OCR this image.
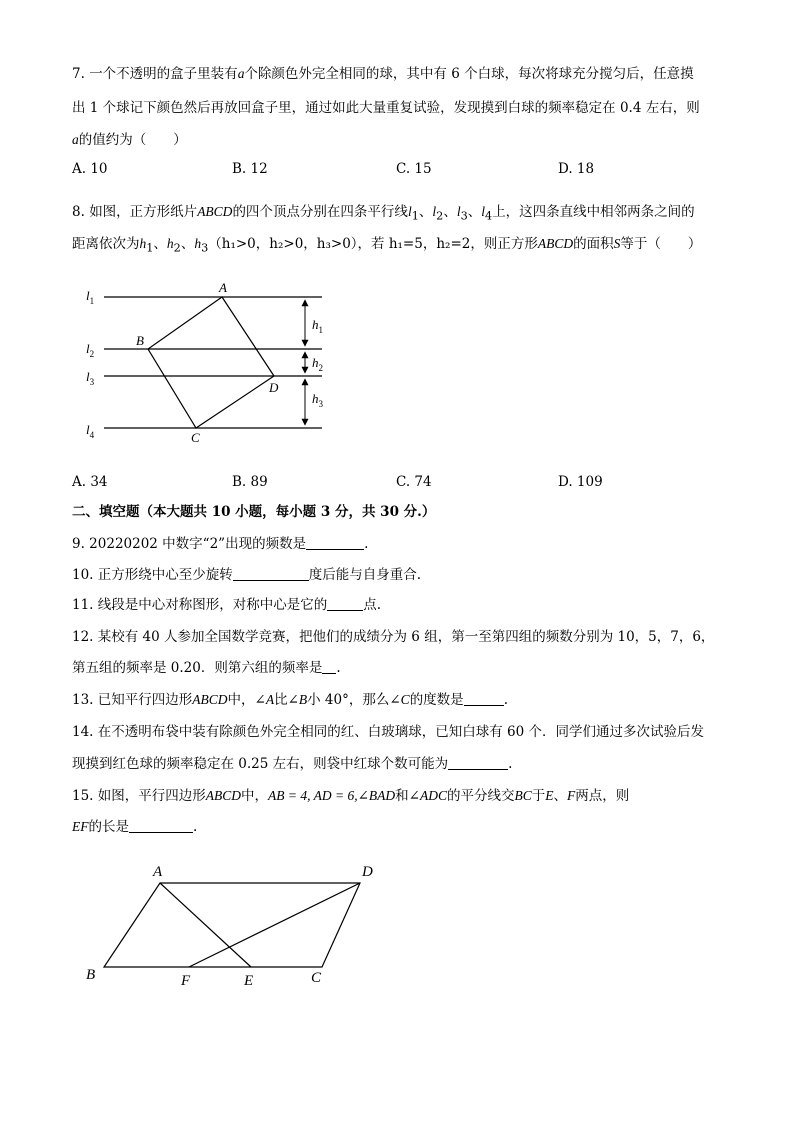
7. 一个不透明的盒子里装有a个除颜色外完全相同的球，其中有 6 个白球，每次将球充分搅匀后，任意摸
出 1 个球记下颜色然后再放回盒子里，通过如此大量重复试验，发现摸到白球的频率稳定在 0.4 左右，则
a的值约为（　　）
A. 10	B. 12	C. 15	D. 18
8. 如图，正方形纸片ABCD的四个顶点分别在四条平行线$l_1$、$l_2$、$l_3$、$l_4$上，这四条直线中相邻两条之间的
距离依次为$h_1$、$h_2$、$h_3(h_1>0$，h₂>0，h₃>0），若 h₁=5，h₂=2，则正方形ABCD的面积S等于（　　）
$l_1$
$l_2$
$l_3$
$l_4$
A
B
C
D
$h_1$
$h_2$
$h_3$
A	D
B	F	E	C
A. 34	B. 89	C. 74	D. 109
二、填空题（本大题共 10 小题，每小题 3 分，共 30 分.）
9. 20220202 中数字“2”出现的频数是	.
10. 正方形绕中心至少旋转	度后能与自身重合.
11. 线段是中心对称图形，对称中心是它的	点.
12. 某校有 40 人参加全国数学竞赛，把他们的成绩分为 6 组，第一至第四组的频数分别为 10，5，7，6，
第五组的频率是 0.20．则第六组的频率是 .
13. 已知平行四边形ABCD中，∠A比∠B小 40°，那么∠C的度数是	.
14. 在不透明布袋中装有除颜色外完全相同的红、白玻璃球，已知白球有 60 个．同学们通过多次试验后发
现摸到红色球的频率稳定在 0.25 左右，则袋中红球个数可能为	.
15. 如图，平行四边形ABCD中，AB = 4, AD = 6,∠BAD和∠ADC的平分线交BC于E、F两点，则
EF的长是	.
